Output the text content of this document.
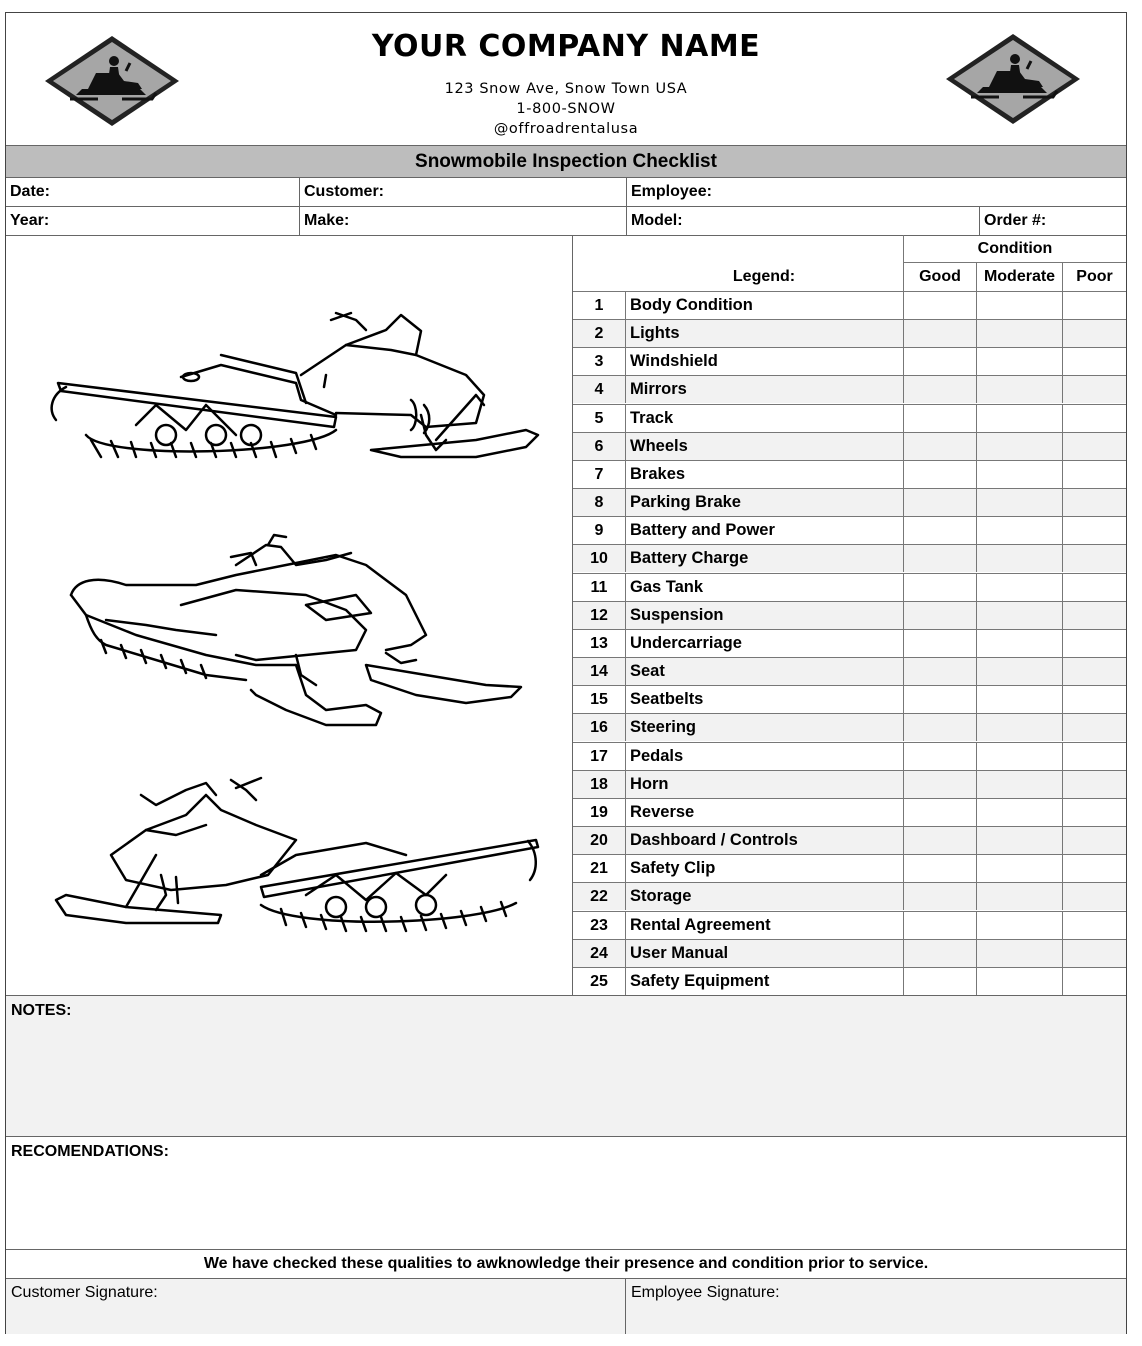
YOUR COMPANY NAME
123 Snow Ave, Snow Town USA
1-800-SNOW
@offroadrentalusa
Snowmobile Inspection Checklist
Date:	Customer:	Employee:
Year:	Make:	Model:	Order #:
Condition
Legend:	Good	Moderate	Poor
1	Body Condition
2	Lights
3	Windshield
4	Mirrors
5	Track
6	Wheels
7	Brakes
8	Parking Brake
9	Battery and Power
10	Battery Charge
11	Gas Tank
12	Suspension
13	Undercarriage
14	Seat
15	Seatbelts
16	Steering
17	Pedals
18	Horn
19	Reverse
20	Dashboard / Controls
21	Safety Clip
22	Storage
23	Rental Agreement
24	User Manual
25	Safety Equipment
NOTES:
RECOMENDATIONS:
We have checked these qualities to awknowledge their presence and condition prior to service.
Customer Signature:	Employee Signature:
